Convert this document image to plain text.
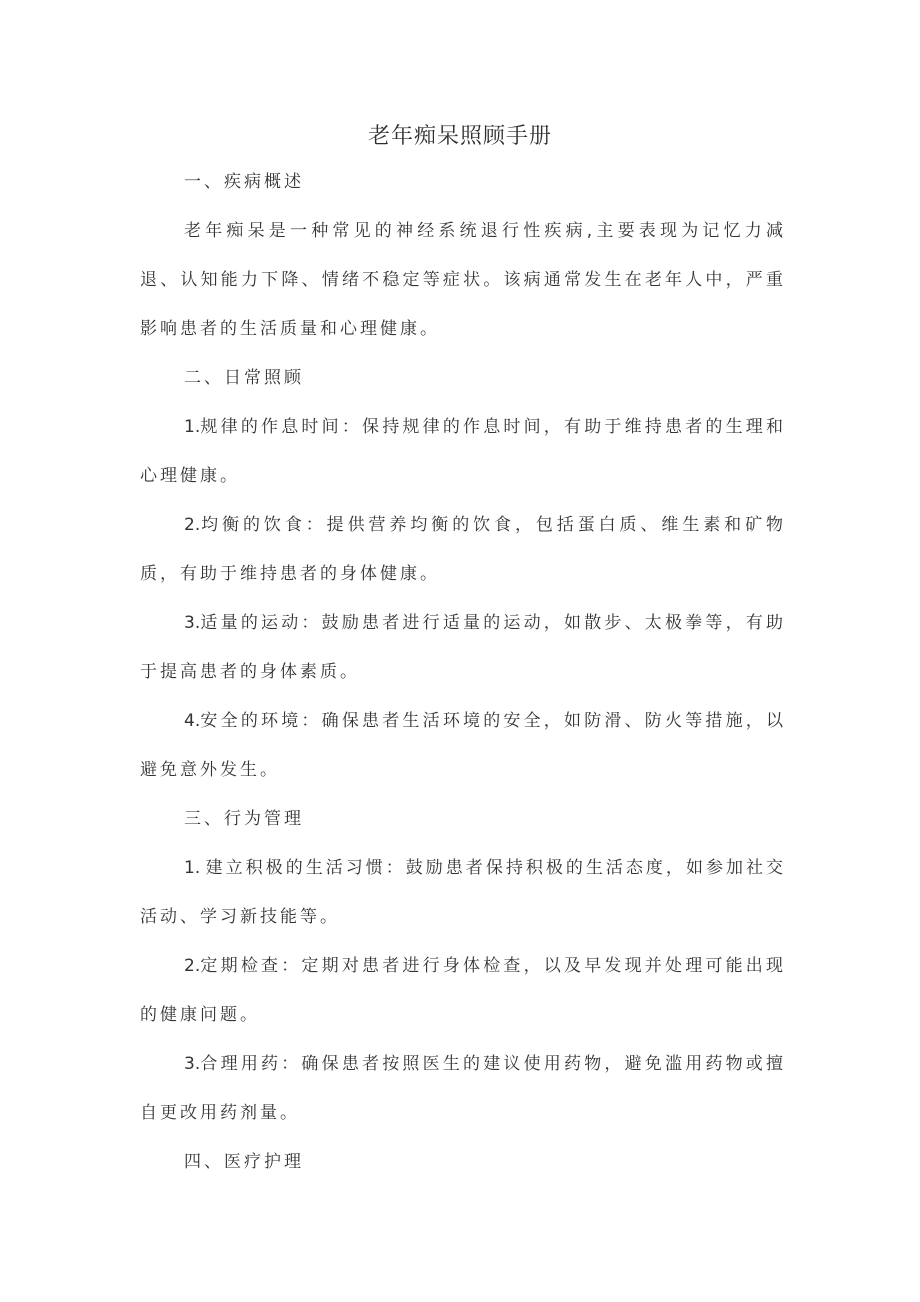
老年痴呆照顾手册

一、疾病概述

老年痴呆是一种常见的神经系统退行性疾病,主要表现为记忆力减退、认知能力下降、情绪不稳定等症状。该病通常发生在老年人中，严重影响患者的生活质量和心理健康。

二、日常照顾

1.规律的作息时间：保持规律的作息时间，有助于维持患者的生理和心理健康。

2.均衡的饮食：提供营养均衡的饮食，包括蛋白质、维生素和矿物质，有助于维持患者的身体健康。

3.适量的运动：鼓励患者进行适量的运动，如散步、太极拳等，有助于提高患者的身体素质。

4.安全的环境：确保患者生活环境的安全，如防滑、防火等措施，以避免意外发生。

三、行为管理

1. 建立积极的生活习惯：鼓励患者保持积极的生活态度，如参加社交活动、学习新技能等。

2.定期检查：定期对患者进行身体检查，以及早发现并处理可能出现的健康问题。

3.合理用药：确保患者按照医生的建议使用药物，避免滥用药物或擅自更改用药剂量。

四、医疗护理
